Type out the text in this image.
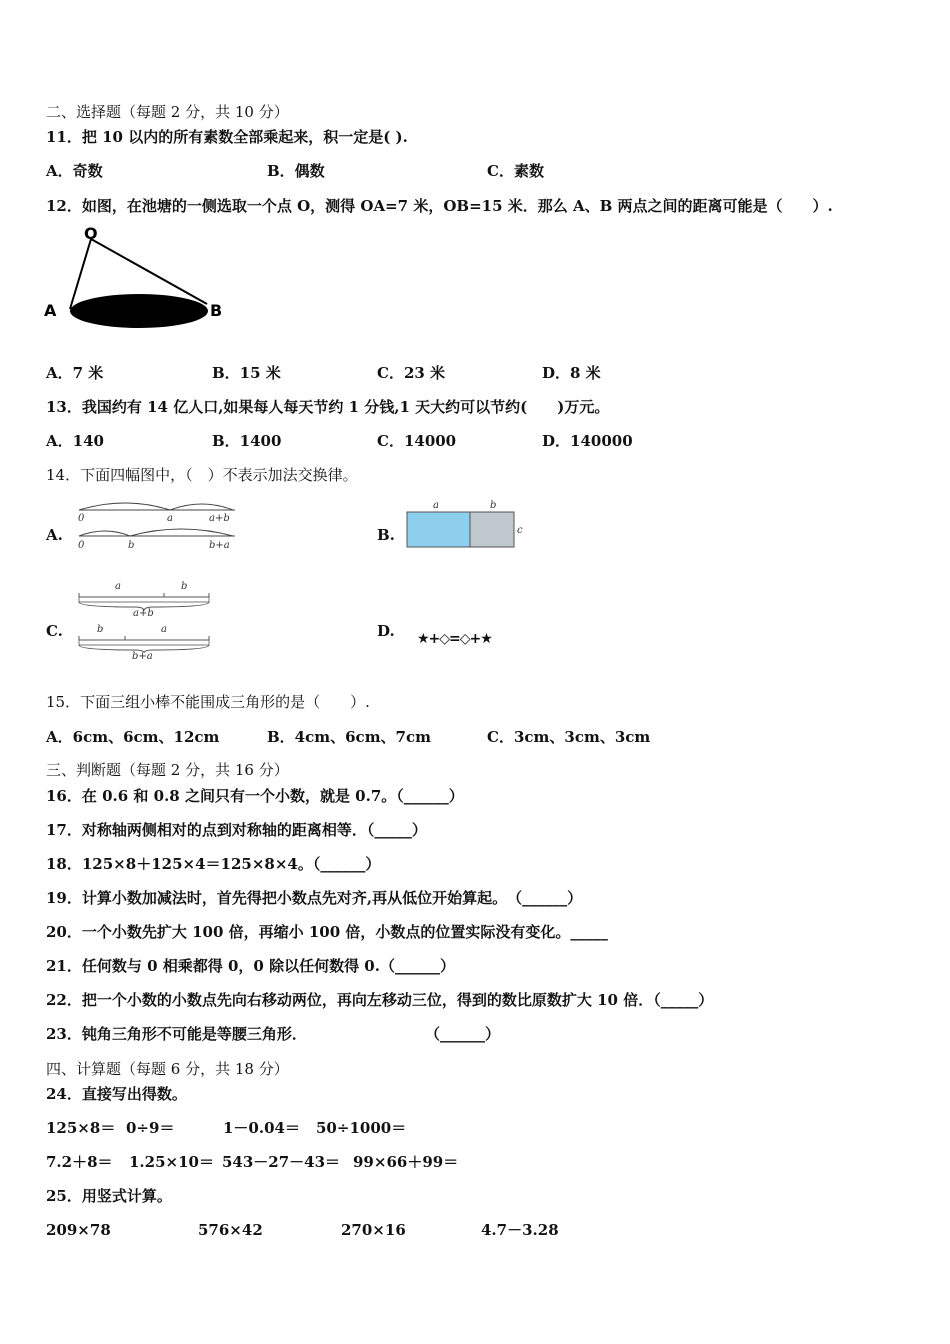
二、选择题（每题 2 分，共 10 分）
11．把 10 以内的所有素数全部乘起来，积一定是( ).
A．奇数	B．偶数	C．素数
12．如图，在池塘的一侧选取一个点 O，测得 OA=7 米，OB=15 米．那么 A、B 两点之间的距离可能是（　　）.
O
A	B
A．7 米	B．15 米	C．23 米	D．8 米
13．我国约有 14 亿人口,如果每人每天节约 1 分钱,1 天大约可以节约(　　)万元。
A．140	B．1400	C．14000	D．140000
14．下面四幅图中，（　）不表示加法交换律。
A.
0	a	a+b
0	b	b+a
B.
a	b
c
C.
a	b
a+b
b	a
b+a
D. ★+◇=◇+★
15．下面三组小棒不能围成三角形的是（　　）.
A．6cm、6cm、12cm	B．4cm、6cm、7cm	C．3cm、3cm、3cm
三、判断题（每题 2 分，共 16 分）
16．在 0.6 和 0.8 之间只有一个小数，就是 0.7。（______）
17．对称轴两侧相对的点到对称轴的距离相等．（_____）
18．125×8＋125×4＝125×8×4。（______）
19．计算小数加减法时，首先得把小数点先对齐,再从低位开始算起。　（______）
20．一个小数先扩大 100 倍，再缩小 100 倍，小数点的位置实际没有变化。_____
21．任何数与 0 相乘都得 0，0 除以任何数得 0.（______）
22．把一个小数的小数点先向右移动两位，再向左移动三位，得到的数比原数扩大 10 倍．（_____）
23．钝角三角形不可能是等腰三角形．	（______）
四、计算题（每题 6 分，共 18 分）
24．直接写出得数。
125×8＝ 0÷9＝	1－0.04＝ 50÷1000＝
7.2＋8＝ 1.25×10＝ 543－27－43＝ 99×66＋99＝
25．用竖式计算。
209×78	576×42	270×16	4.7－3.28
